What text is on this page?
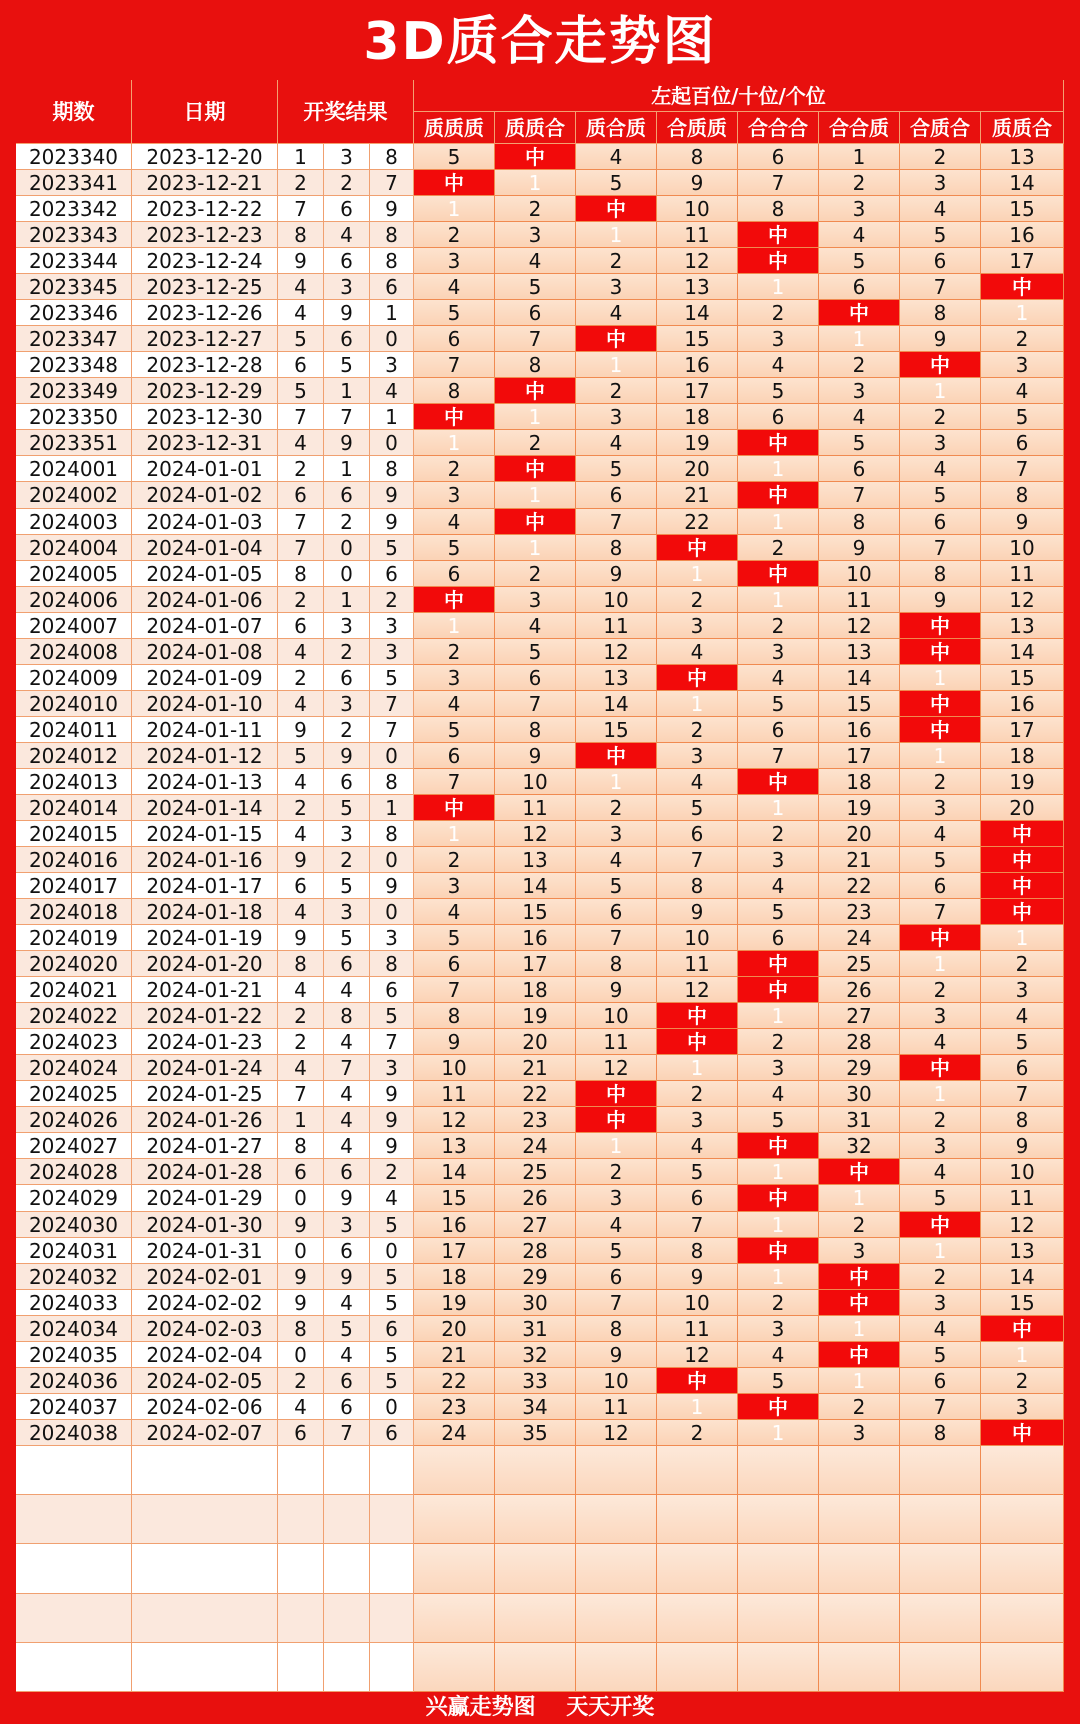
3D质合走势图
期数	日期	开奖结果
左起百位/十位/个位
质质质	质质合	质合质	合质质	合合合	合合质	合质合	质质合
2023340	2023-12-20	1	3	8	5	中	4	8	6	1	2	13
2023341	2023-12-21	2	2	7	中	1	5	9	7	2	3	14
2023342	2023-12-22	7	6	9	1	2	中	10	8	3	4	15
2023343	2023-12-23	8	4	8	2	3	1	11	中	4	5	16
2023344	2023-12-24	9	6	8	3	4	2	12	中	5	6	17
2023345	2023-12-25	4	3	6	4	5	3	13	1	6	7	中
2023346	2023-12-26	4	9	1	5	6	4	14	2	中	8	1
2023347	2023-12-27	5	6	0	6	7	中	15	3	1	9	2
2023348	2023-12-28	6	5	3	7	8	1	16	4	2	中	3
2023349	2023-12-29	5	1	4	8	中	2	17	5	3	1	4
2023350	2023-12-30	7	7	1	中	1	3	18	6	4	2	5
2023351	2023-12-31	4	9	0	1	2	4	19	中	5	3	6
2024001	2024-01-01	2	1	8	2	中	5	20	1	6	4	7
2024002	2024-01-02	6	6	9	3	1	6	21	中	7	5	8
2024003	2024-01-03	7	2	9	4	中	7	22	1	8	6	9
2024004	2024-01-04	7	0	5	5	1	8	中	2	9	7	10
2024005	2024-01-05	8	0	6	6	2	9	1	中	10	8	11
2024006	2024-01-06	2	1	2	中	3	10	2	1	11	9	12
2024007	2024-01-07	6	3	3	1	4	11	3	2	12	中	13
2024008	2024-01-08	4	2	3	2	5	12	4	3	13	中	14
2024009	2024-01-09	2	6	5	3	6	13	中	4	14	1	15
2024010	2024-01-10	4	3	7	4	7	14	1	5	15	中	16
2024011	2024-01-11	9	2	7	5	8	15	2	6	16	中	17
2024012	2024-01-12	5	9	0	6	9	中	3	7	17	1	18
2024013	2024-01-13	4	6	8	7	10	1	4	中	18	2	19
2024014	2024-01-14	2	5	1	中	11	2	5	1	19	3	20
2024015	2024-01-15	4	3	8	1	12	3	6	2	20	4	中
2024016	2024-01-16	9	2	0	2	13	4	7	3	21	5	中
2024017	2024-01-17	6	5	9	3	14	5	8	4	22	6	中
2024018	2024-01-18	4	3	0	4	15	6	9	5	23	7	中
2024019	2024-01-19	9	5	3	5	16	7	10	6	24	中	1
2024020	2024-01-20	8	6	8	6	17	8	11	中	25	1	2
2024021	2024-01-21	4	4	6	7	18	9	12	中	26	2	3
2024022	2024-01-22	2	8	5	8	19	10	中	1	27	3	4
2024023	2024-01-23	2	4	7	9	20	11	中	2	28	4	5
2024024	2024-01-24	4	7	3	10	21	12	1	3	29	中	6
2024025	2024-01-25	7	4	9	11	22	中	2	4	30	1	7
2024026	2024-01-26	1	4	9	12	23	中	3	5	31	2	8
2024027	2024-01-27	8	4	9	13	24	1	4	中	32	3	9
2024028	2024-01-28	6	6	2	14	25	2	5	1	中	4	10
2024029	2024-01-29	0	9	4	15	26	3	6	中	1	5	11
2024030	2024-01-30	9	3	5	16	27	4	7	1	2	中	12
2024031	2024-01-31	0	6	0	17	28	5	8	中	3	1	13
2024032	2024-02-01	9	9	5	18	29	6	9	1	中	2	14
2024033	2024-02-02	9	4	5	19	30	7	10	2	中	3	15
2024034	2024-02-03	8	5	6	20	31	8	11	3	1	4	中
2024035	2024-02-04	0	4	5	21	32	9	12	4	中	5	1
2024036	2024-02-05	2	6	5	22	33	10	中	5	1	6	2
2024037	2024-02-06	4	6	0	23	34	11	1	中	2	7	3
2024038	2024-02-07	6	7	6	24	35	12	2	1	3	8	中
兴赢走势图    天天开奖
